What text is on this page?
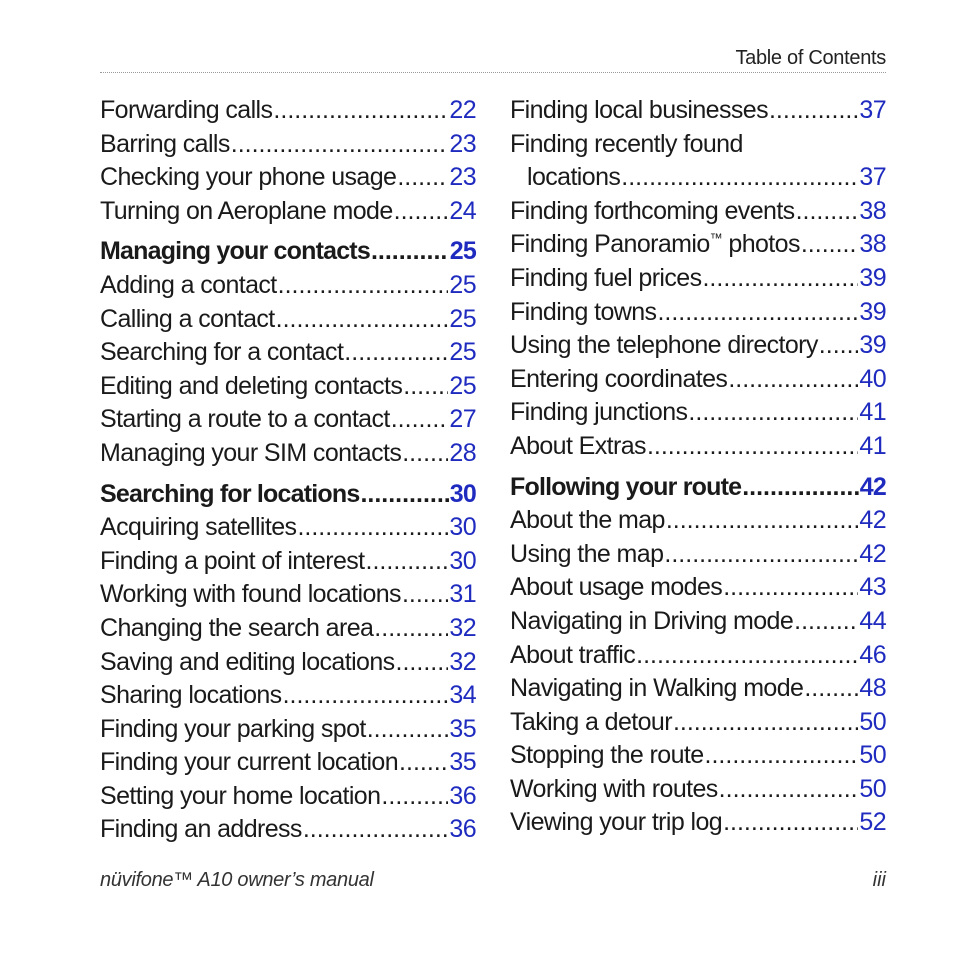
Table of Contents
Forwarding calls .....	22
Barring calls .....	23
Checking your phone usage ..... 23
Turning on Aeroplane mode ..... 24
Managing your contacts .....	25
Adding a contact .....	25
Calling a contact .....	25
Searching for a contact .....	25
Editing and deleting contacts ..... 25
Starting a route to a contact ..... 27
Managing your SIM contacts ..... 28
Searching for locations .....	30
Acquiring satellites .....	30
Finding a point of interest .....	30
Working with found locations ..... 31
Changing the search area .....	32
Saving and editing locations ..... 32
Sharing locations .....	34
Finding your parking spot .....	35
Finding your current location ..... 35
Setting your home location .....	36
Finding an address .....	36
Finding local businesses .....	37
Finding recently found
locations .....	37
Finding forthcoming events .....	38
Finding Panoramio™ photos ..... 38
Finding fuel prices .....	39
Finding towns .....	39
Using the telephone directory ..... 39
Entering coordinates .....	40
Finding junctions .....	41
About Extras .....	41
Following your route .....	42
About the map .....	42
Using the map .....	42
About usage modes .....	43
Navigating in Driving mode .....	44
About traffic .....	46
Navigating in Walking mode ..... 48
Taking a detour .....	50
Stopping the route .....	50
Working with routes .....	50
Viewing your trip log .....	52
nüvifone™ A10 owner’s manual	iii
